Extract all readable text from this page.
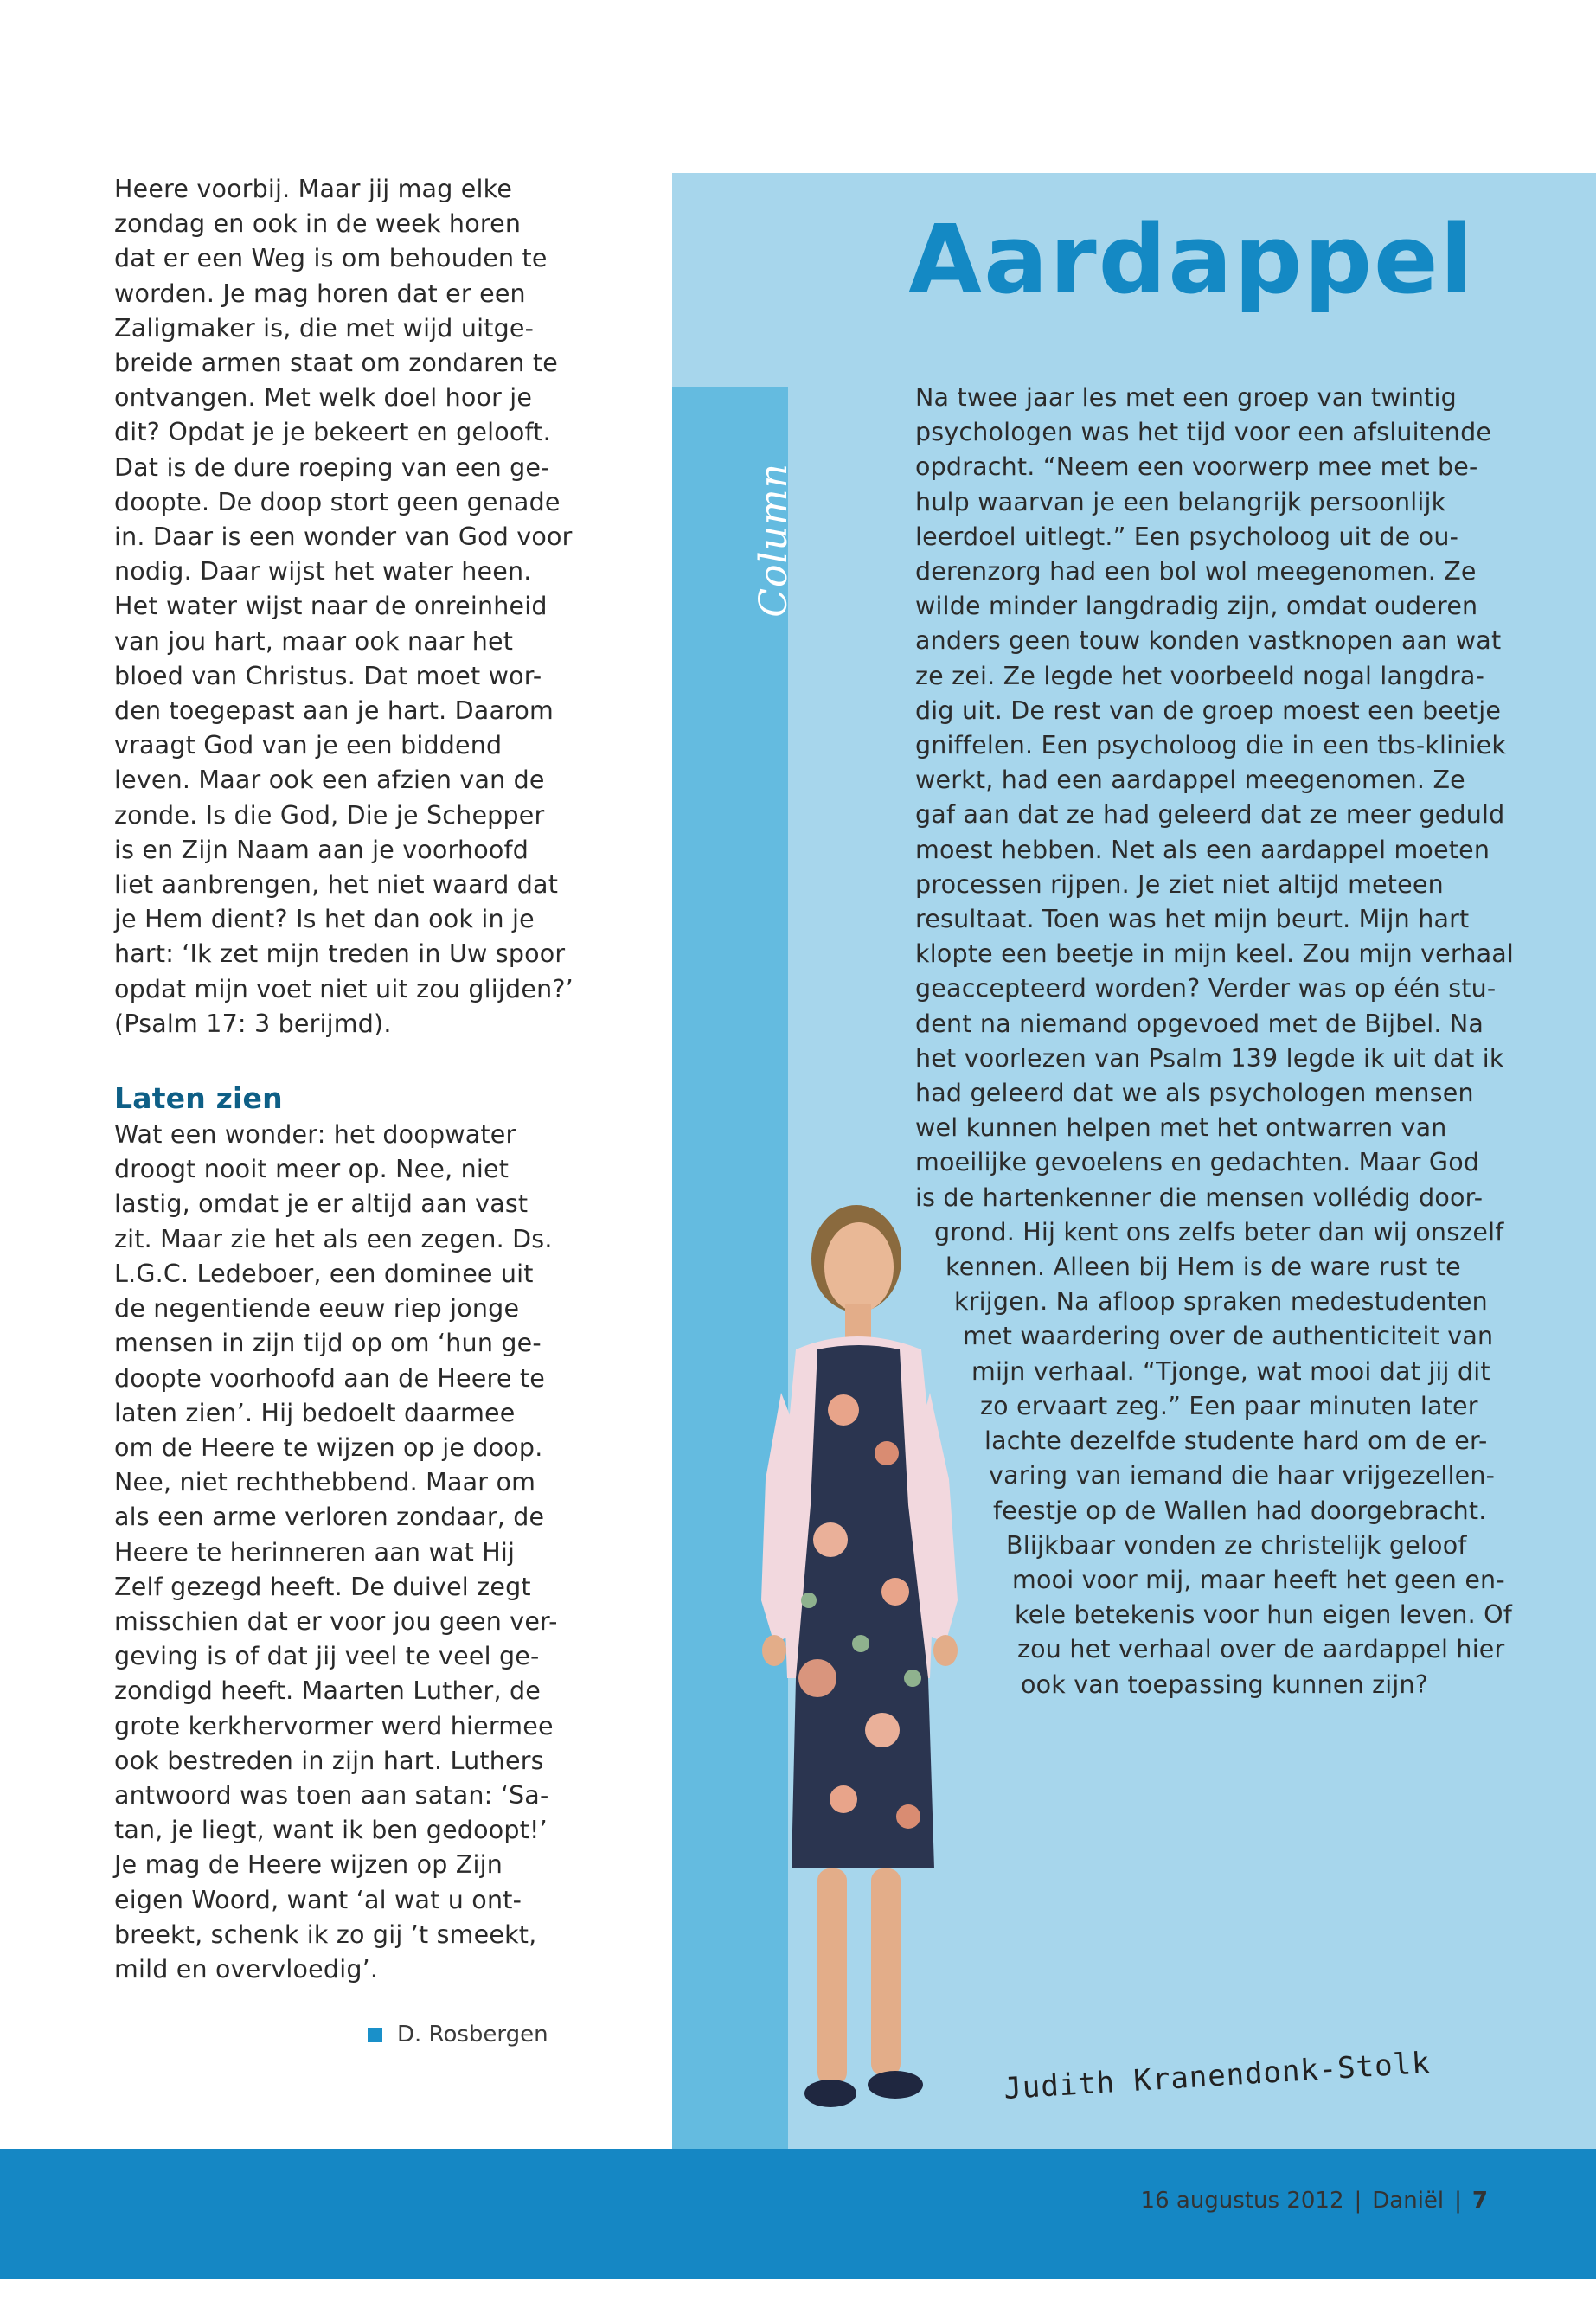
Heere voorbij. Maar jij mag elke
zondag en ook in de week horen
dat er een Weg is om behouden te
worden. Je mag horen dat er een
Zaligmaker is, die met wijd uitge-
breide armen staat om zondaren te
ontvangen. Met welk doel hoor je
dit? Opdat je je bekeert en gelooft.
Dat is de dure roeping van een ge-
doopte. De doop stort geen genade
in. Daar is een wonder van God voor
nodig. Daar wijst het water heen.
Het water wijst naar de onreinheid
van jou hart, maar ook naar het
bloed van Christus. Dat moet wor-
den toegepast aan je hart. Daarom
vraagt God van je een biddend
leven. Maar ook een afzien van de
zonde. Is die God, Die je Schepper
is en Zijn Naam aan je voorhoofd
liet aanbrengen, het niet waard dat
je Hem dient? Is het dan ook in je
hart: ‘Ik zet mijn treden in Uw spoor
opdat mijn voet niet uit zou glijden?’
(Psalm 17: 3 berijmd).
Laten zien
Wat een wonder: het doopwater
droogt nooit meer op. Nee, niet
lastig, omdat je er altijd aan vast
zit. Maar zie het als een zegen. Ds.
L.G.C. Ledeboer, een dominee uit
de negentiende eeuw riep jonge
mensen in zijn tijd op om ‘hun ge-
doopte voorhoofd aan de Heere te
laten zien’. Hij bedoelt daarmee
om de Heere te wijzen op je doop.
Nee, niet rechthebbend. Maar om
als een arme verloren zondaar, de
Heere te herinneren aan wat Hij
Zelf gezegd heeft. De duivel zegt
misschien dat er voor jou geen ver-
geving is of dat jij veel te veel ge-
zondigd heeft. Maarten Luther, de
grote kerkhervormer werd hiermee
ook bestreden in zijn hart. Luthers
antwoord was toen aan satan: ‘Sa-
tan, je liegt, want ik ben gedoopt!’
Je mag de Heere wijzen op Zijn
eigen Woord, want ‘al wat u ont-
breekt, schenk ik zo gij ’t smeekt,
mild en overvloedig’.
D. Rosbergen
Column
Aardappel
Na twee jaar les met een groep van twintig
psychologen was het tijd voor een afsluitende
opdracht. “Neem een voorwerp mee met be-
hulp waarvan je een belangrijk persoonlijk
leerdoel uitlegt.” Een psycholoog uit de ou-
derenzorg had een bol wol meegenomen. Ze
wilde minder langdradig zijn, omdat ouderen
anders geen touw konden vastknopen aan wat
ze zei. Ze legde het voorbeeld nogal langdra-
dig uit. De rest van de groep moest een beetje
gniffelen. Een psycholoog die in een tbs-kliniek
werkt, had een aardappel meegenomen. Ze
gaf aan dat ze had geleerd dat ze meer geduld
moest hebben. Net als een aardappel moeten
processen rijpen. Je ziet niet altijd meteen
resultaat. Toen was het mijn beurt. Mijn hart
klopte een beetje in mijn keel. Zou mijn verhaal
geaccepteerd worden? Verder was op één stu-
dent na niemand opgevoed met de Bijbel. Na
het voorlezen van Psalm 139 legde ik uit dat ik
had geleerd dat we als psychologen mensen
wel kunnen helpen met het ontwarren van
moeilijke gevoelens en gedachten. Maar God
is de hartenkenner die mensen vollédig door-
grond. Hij kent ons zelfs beter dan wij onszelf
kennen. Alleen bij Hem is de ware rust te
krijgen. Na afloop spraken medestudenten
met waardering over de authenticiteit van
mijn verhaal. “Tjonge, wat mooi dat jij dit
zo ervaart zeg.” Een paar minuten later
lachte dezelfde studente hard om de er-
varing van iemand die haar vrijgezellen-
feestje op de Wallen had doorgebracht.
Blijkbaar vonden ze christelijk geloof
mooi voor mij, maar heeft het geen en-
kele betekenis voor hun eigen leven. Of
zou het verhaal over de aardappel hier
ook van toepassing kunnen zijn?
Judith Kranendonk-Stolk
16 augustus 2012 | Daniël | 7
